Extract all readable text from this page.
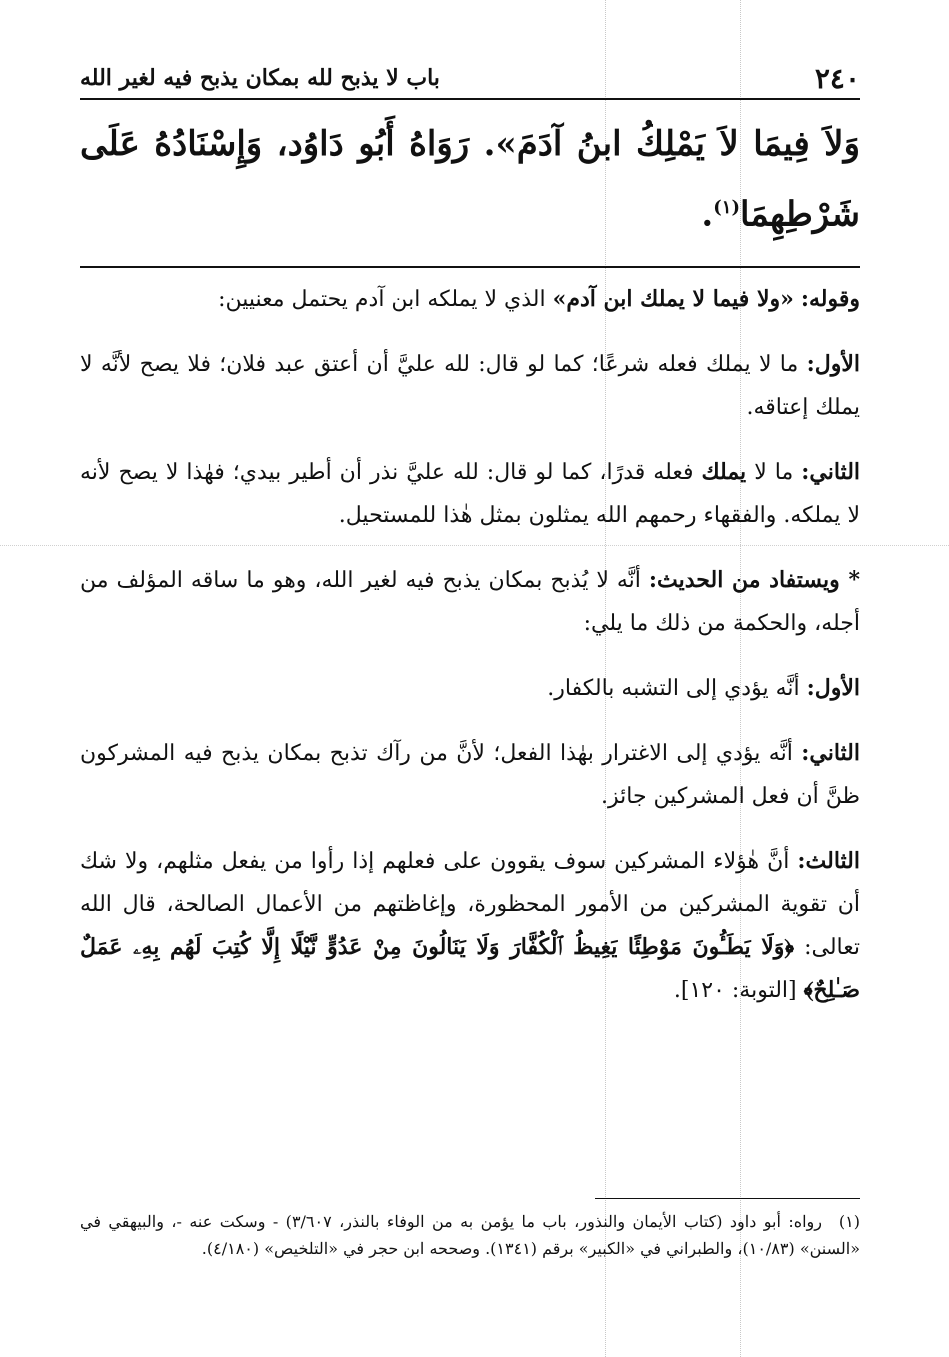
٢٤٠
باب لا يذبح لله بمكان يذبح فيه لغير الله
وَلاَ فِيمَا لاَ يَمْلِكُ ابنُ آدَمَ». رَوَاهُ أَبُو دَاوُد، وَإِسْنَادُهُ عَلَى شَرْطِهِمَا$^{(١)}$.

وقوله: «ولا فيما لا يملك ابن آدم» الذي لا يملكه ابن آدم يحتمل معنيين:

الأول: ما لا يملك فعله شرعًا؛ كما لو قال: لله عليَّ أن أعتق عبد فلان؛ فلا يصح لأنَّه لا يملك إعتاقه.

الثاني: ما لا يملك فعله قدرًا، كما لو قال: لله عليَّ نذر أن أطير بيدي؛ فهٰذا لا يصح لأنه لا يملكه. والفقهاء رحمهم الله يمثلون بمثل هٰذا للمستحيل.

* ويستفاد من الحديث: أنَّه لا يُذبح بمكان يذبح فيه لغير الله، وهو ما ساقه المؤلف من أجله، والحكمة من ذلك ما يلي:

الأول: أنَّه يؤدي إلى التشبه بالكفار.

الثاني: أنَّه يؤدي إلى الاغترار بهٰذا الفعل؛ لأنَّ من رآك تذبح بمكان يذبح فيه المشركون ظنَّ أن فعل المشركين جائز.

الثالث: أنَّ هٰؤلاء المشركين سوف يقوون على فعلهم إذا رأوا من يفعل مثلهم، ولا شك أن تقوية المشركين من الأمور المحظورة، وإغاظتهم من الأعمال الصالحة، قال الله تعالى: ﴿وَلَا يَطَـُٔونَ مَوْطِئًا يَغِيظُ ٱلْكُفَّارَ وَلَا يَنَالُونَ مِنْ عَدُوٍّ نَّيْلًا إِلَّا كُتِبَ لَهُم بِهِۦ عَمَلٌ صَـٰلِحٌ﴾ [التوبة: ١٢٠].

(١)رواه: أبو داود (كتاب الأيمان والنذور، باب ما يؤمن به من الوفاء بالنذر، ٣/٦٠٧) - وسكت عنه -، والبيهقي في «السنن» (١٠/٨٣)، والطبراني في «الكبير» برقم (١٣٤١). وصححه ابن حجر في «التلخيص» (٤/١٨٠).
